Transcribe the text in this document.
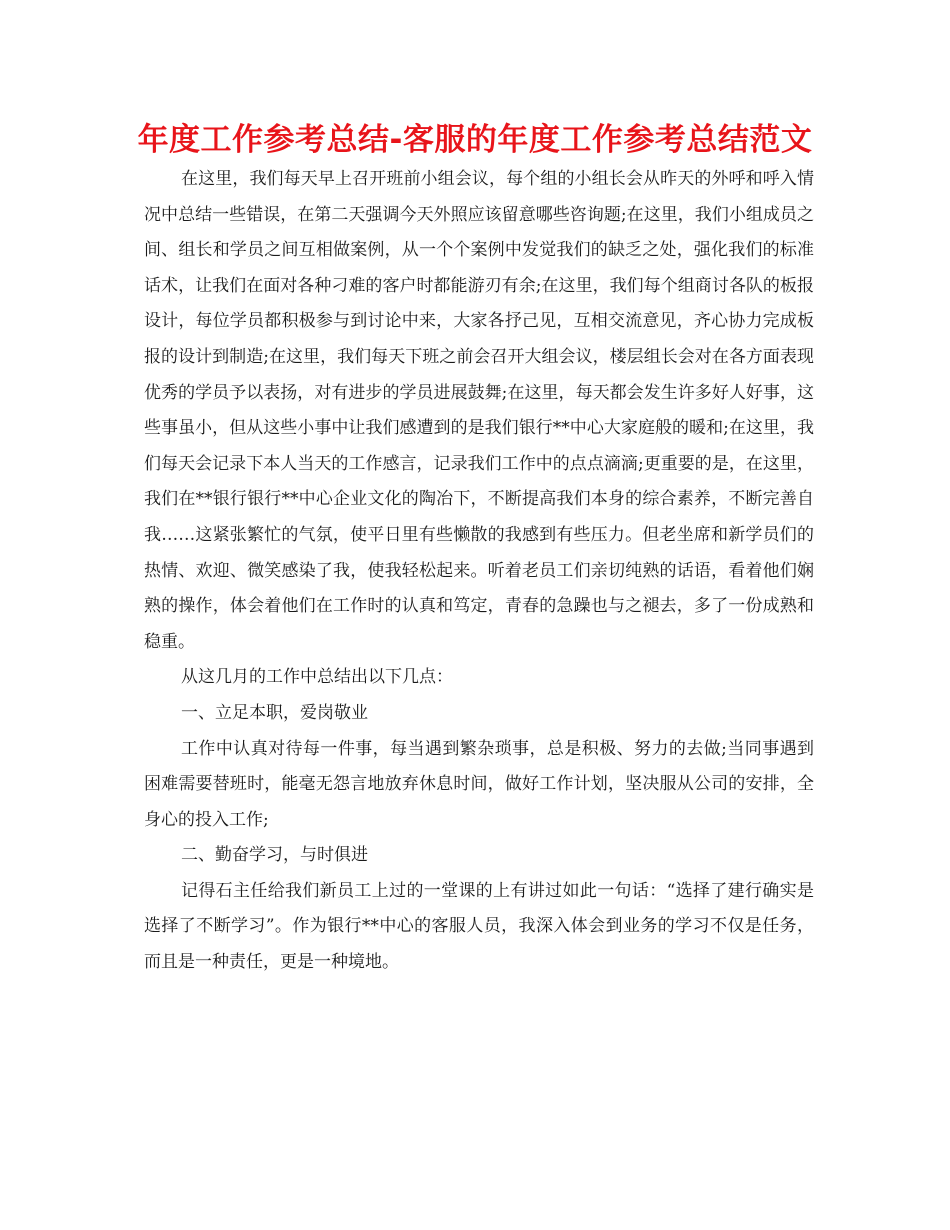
年度工作参考总结-客服的年度工作参考总结范文

在这里，我们每天早上召开班前小组会议，每个组的小组长会从昨天的外呼和呼入情况中总结一些错误，在第二天强调今天外照应该留意哪些咨询题;在这里，我们小组成员之间、组长和学员之间互相做案例，从一个个案例中发觉我们的缺乏之处，强化我们的标准话术，让我们在面对各种刁难的客户时都能游刃有余;在这里，我们每个组商讨各队的板报设计，每位学员都积极参与到讨论中来，大家各抒己见，互相交流意见，齐心协力完成板报的设计到制造;在这里，我们每天下班之前会召开大组会议，楼层组长会对在各方面表现优秀的学员予以表扬，对有进步的学员进展鼓舞;在这里，每天都会发生许多好人好事，这些事虽小，但从这些小事中让我们感遭到的是我们银行**中心大家庭般的暖和;在这里，我们每天会记录下本人当天的工作感言，记录我们工作中的点点滴滴;更重要的是，在这里，我们在**银行银行**中心企业文化的陶冶下，不断提高我们本身的综合素养，不断完善自我……这紧张繁忙的气氛，使平日里有些懒散的我感到有些压力。但老坐席和新学员们的热情、欢迎、微笑感染了我，使我轻松起来。听着老员工们亲切纯熟的话语，看着他们娴熟的操作，体会着他们在工作时的认真和笃定，青春的急躁也与之褪去，多了一份成熟和稳重。

从这几月的工作中总结出以下几点：

一、立足本职，爱岗敬业

工作中认真对待每一件事，每当遇到繁杂琐事，总是积极、努力的去做;当同事遇到困难需要替班时，能毫无怨言地放弃休息时间，做好工作计划，坚决服从公司的安排，全身心的投入工作;

二、勤奋学习，与时俱进

记得石主任给我们新员工上过的一堂课的上有讲过如此一句话：“选择了建行确实是选择了不断学习”。作为银行**中心的客服人员，我深入体会到业务的学习不仅是任务，而且是一种责任，更是一种境地。
